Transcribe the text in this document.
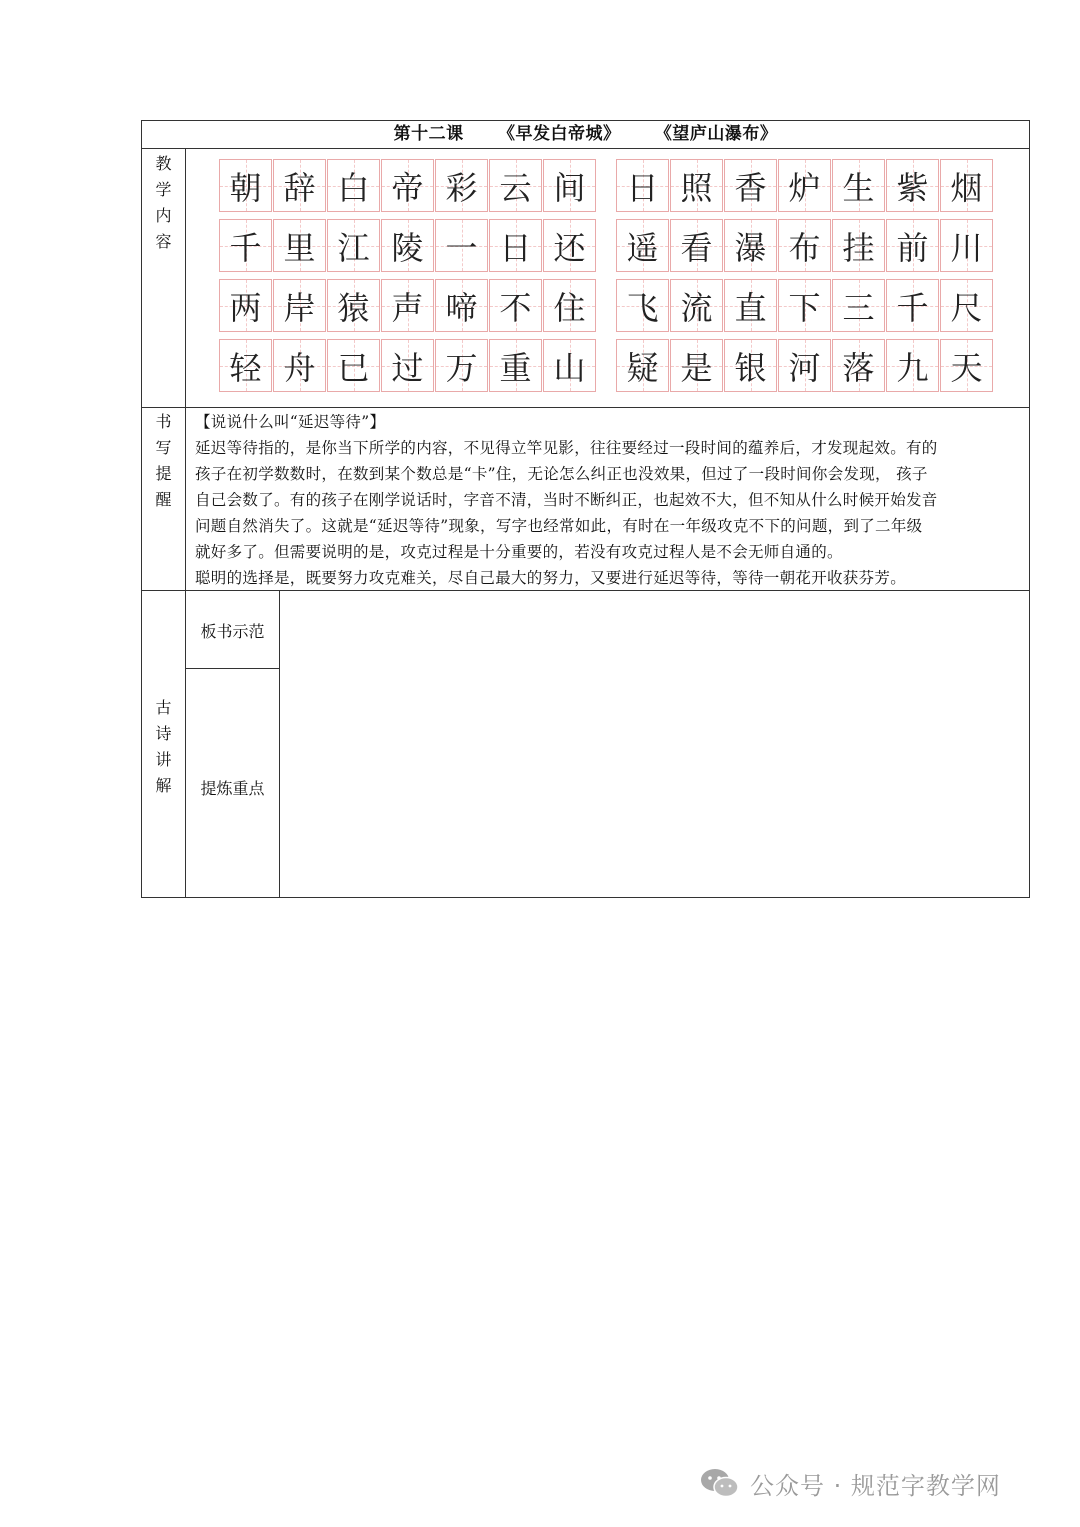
第十二课 《早发白帝城》 《望庐山瀑布》
教
学
内
容
书
写
提
醒
古
诗
讲
解
朝 辞 白 帝 彩 云 间
千 里 江 陵 一 日 还
两 岸 猿 声 啼 不 住
轻 舟 已 过 万 重 山
日 照 香 炉 生 紫 烟
遥 看 瀑 布 挂 前 川
飞 流 直 下 三 千 尺
疑 是 银 河 落 九 天

【说说什么叫“延迟等待”】

延迟等待指的，是你当下所学的内容，不见得立竿见影，往往要经过一段时间的蕴养后，才发现起效。有的

孩子在初学数数时，在数到某个数总是“卡”住，无论怎么纠正也没效果，但过了一段时间你会发现， 孩子

自己会数了。有的孩子在刚学说话时，字音不清，当时不断纠正，也起效不大，但不知从什么时候开始发音

问题自然消失了。这就是“延迟等待”现象，写字也经常如此，有时在一年级攻克不下的问题，到了二年级

就好多了。但需要说明的是，攻克过程是十分重要的，若没有攻克过程人是不会无师自通的。

聪明的选择是，既要努力攻克难关，尽自己最大的努力，又要进行延迟等待，等待一朝花开收获芬芳。

板书示范
提炼重点
公众号 · 规范字教学网
